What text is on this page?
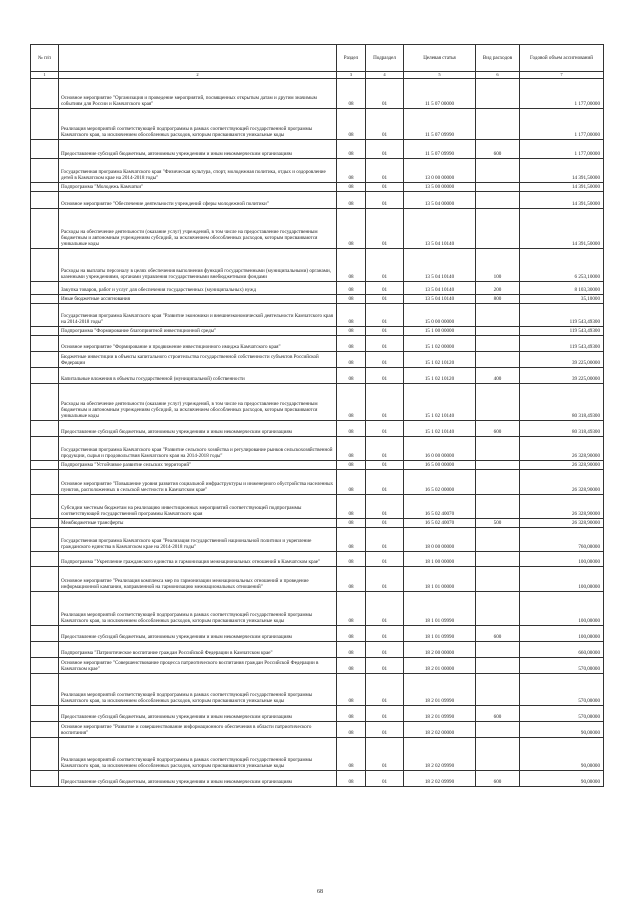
№ п/п		Раздел	Подраздел	Целевая статья	Вид расходов	Годовой объем ассигнований
1	2	3	4	5	6	7
	Основное мероприятие "Организация и проведение мероприятий, посвященных открытым датам и другим значимым событиям для России и Камчатского края"	08	01	11 5 07 00000		1 177,00000
	Реализация мероприятий соответствующей подпрограммы в рамках соответствующей государственной программы Камчатского края, за исключением обособленных расходов, которым присваиваются уникальные коды	08	01	11 5 07 09990		1 177,00000
	Предоставление субсидий бюджетным, автономным учреждениям и иным некоммерческим организациям	08	01	11 5 07 09990	600	1 177,00000
	Государственная программа Камчатского края "Физическая культура, спорт, молодежная политика, отдых и оздоровление детей в Камчатском крае на 2014-2018 годы"	08	01	13 0 00 00000		14 391,50000
	Подпрограмма "Молодежь Камчатки"	08	01	13 5 00 00000		14 391,50000
	Основное мероприятие "Обеспечение деятельности учреждений сферы молодежной политики"	08	01	13 5 04 00000		14 391,50000
	Расходы на обеспечение деятельности (оказание услуг) учреждений, в том числе на предоставление государственным бюджетным и автономным учреждениям субсидий, за исключением обособленных расходов, которым присваиваются уникальные коды	08	01	13 5 04 10140		14 391,50000
	Расходы на выплаты персоналу в целях обеспечения выполнения функций государственными (муниципальными) органами, казенными учреждениями, органами управления государственными внебюджетными фондами	08	01	13 5 04 10140	100	6 253,10000
	Закупка товаров, работ и услуг для обеспечения государственных (муниципальных) нужд	08	01	13 5 04 10140	200	8 103,30000
	Иные бюджетные ассигнования	08	01	13 5 04 10140	800	35,10000
	Государственная программа Камчатского края "Развитие экономики и внешнеэкономической деятельности Камчатского края на 2014-2018 годы"	08	01	15 0 00 00000		119 543,49300
	Подпрограмма "Формирование благоприятной инвестиционной среды"	08	01	15 1 00 00000		119 543,49300
	Основное мероприятие "Формирование и продвижение инвестиционного имиджа Камчатского края"	08	01	15 1 02 00000		119 543,49300
	Бюджетные инвестиции в объекты капитального строительства государственной собственности субъектов Российской Федерации	08	01	15 1 02 10120		39 225,00000
	Капитальные вложения в объекты государственной (муниципальной) собственности	08	01	15 1 02 10120	400	39 225,00000
	Расходы на обеспечение деятельности (оказание услуг) учреждений, в том числе на предоставление государственным бюджетным и автономным учреждениям субсидий, за исключением обособленных расходов, которым присваиваются уникальные коды	08	01	15 1 02 10140		80 318,49300
	Предоставление субсидий бюджетным, автономным учреждениям и иным некоммерческим организациям	08	01	15 1 02 10140	600	80 318,49300
	Государственная программа Камчатского края "Развитие сельского хозяйства и регулирование рынков сельскохозяйственной продукции, сырья и продовольствия Камчатского края на 2014-2018 годы"	08	01	16 0 00 00000		26 328,90000
	Подпрограмма "Устойчивое развитие сельских территорий"	08	01	16 5 00 00000		26 328,90000
	Основное мероприятие "Повышение уровня развития социальной инфраструктуры и инженерного обустройства населенных пунктов, расположенных в сельской местности в Камчатском крае"	08	01	16 5 02 00000		26 328,90000
	Субсидии местным бюджетам на реализацию инвестиционных мероприятий соответствующей подпрограммы соответствующей государственной программы Камчатского края	08	01	16 5 02 40070		26 328,90000
	Межбюджетные трансферты	08	01	16 5 02 40070	500	26 328,90000
	Государственная программа Камчатского края "Реализация государственной национальной политики и укрепление гражданского единства в Камчатском крае на 2014-2018 годы"	08	01	18 0 00 00000		760,00000
	Подпрограмма "Укрепление гражданского единства и гармонизация межнациональных отношений в Камчатском крае"	08	01	18 1 00 00000		100,00000
	Основное мероприятие "Реализация комплекса мер по гармонизации межнациональных отношений и проведение информационной кампании, направленной на гармонизацию межнациональных отношений"	08	01	18 1 01 00000		100,00000
	Реализация мероприятий соответствующей подпрограммы в рамках соответствующей государственной программы Камчатского края, за исключением обособленных расходов, которым присваиваются уникальные коды	08	01	18 1 01 09990		100,00000
	Предоставление субсидий бюджетным, автономным учреждениям и иным некоммерческим организациям	08	01	18 1 01 09990	600	100,00000
	Подпрограмма "Патриотическое воспитание граждан Российской Федерации в Камчатском крае"	08	01	18 2 00 00000		660,00000
	Основное мероприятие "Совершенствование процесса патриотического воспитания граждан Российской Федерации в Камчатском крае"	08	01	18 2 01 00000		570,00000
	Реализация мероприятий соответствующей подпрограммы в рамках соответствующей государственной программы Камчатского края, за исключением обособленных расходов, которым присваиваются уникальные коды	08	01	18 2 01 09990		570,00000
	Предоставление субсидий бюджетным, автономным учреждениям и иным некоммерческим организациям	08	01	18 2 01 09990	600	570,00000
	Основное мероприятие "Развитие и совершенствование информационного обеспечения в области патриотического воспитания"	08	01	18 2 02 00000		90,00000
	Реализация мероприятий соответствующей подпрограммы в рамках соответствующей государственной программы Камчатского края, за исключением обособленных расходов, которым присваиваются уникальные коды	08	01	18 2 02 09990		90,00000
	Предоставление субсидий бюджетным, автономным учреждениям и иным некоммерческим организациям	08	01	18 2 02 09990	600	90,00000
68
